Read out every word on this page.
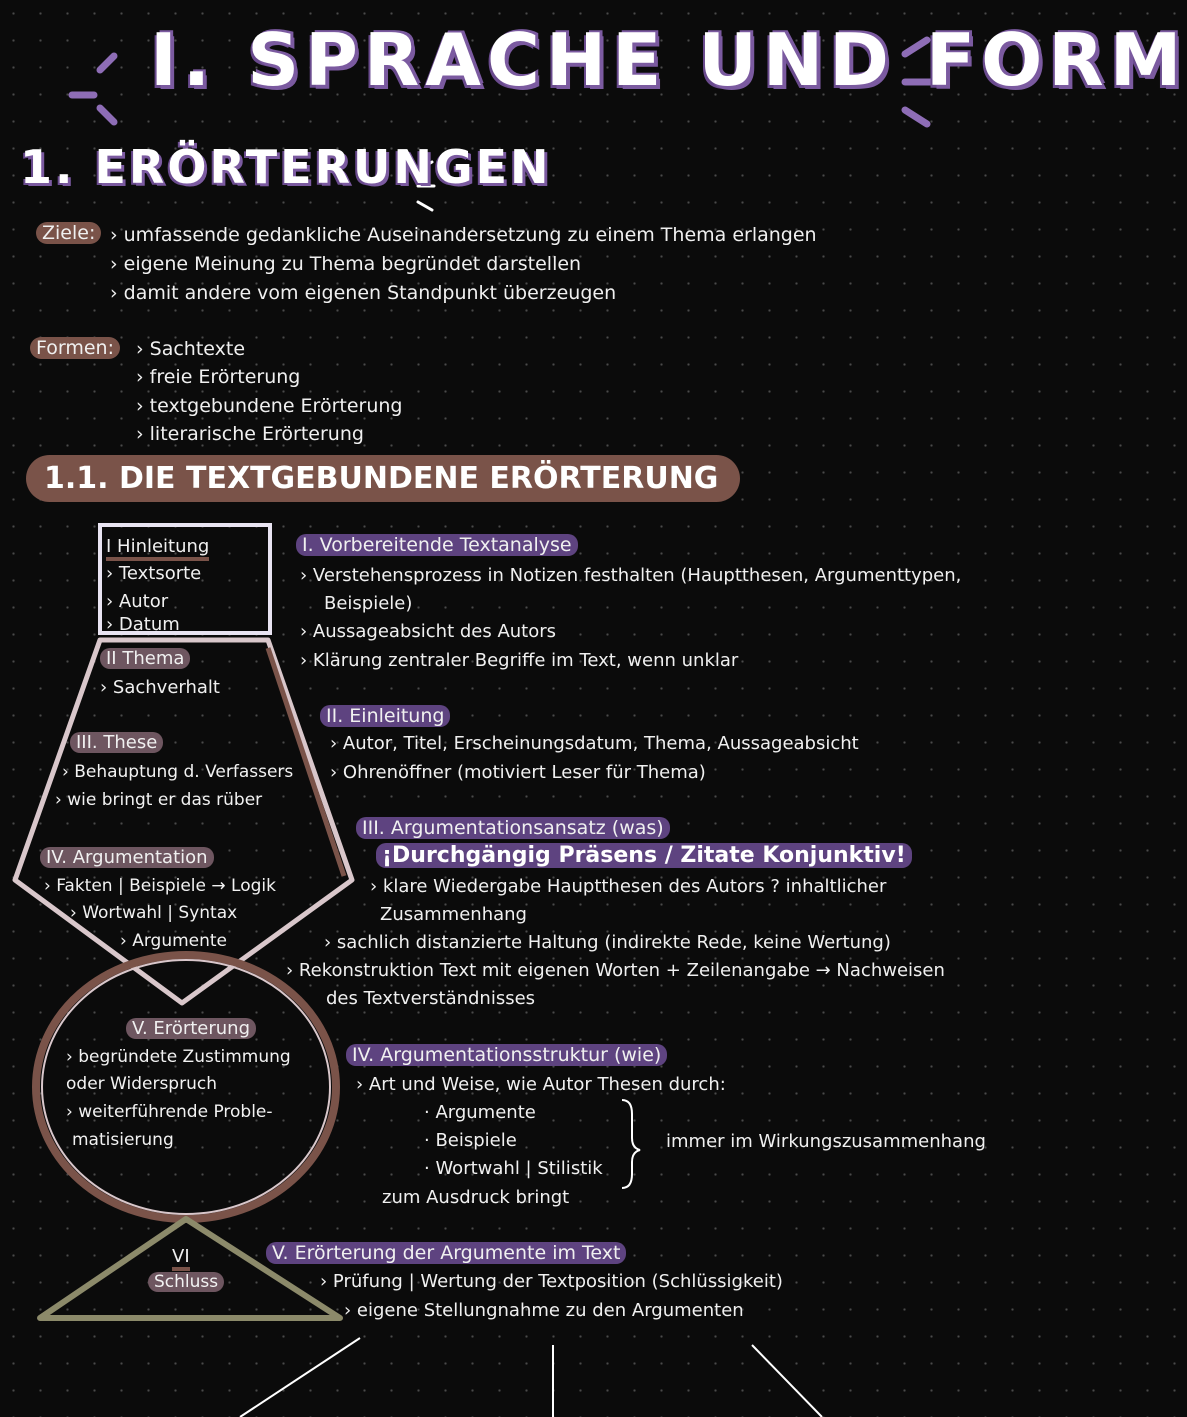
I. SPRACHE UND FORM
1. ERÖRTERUNGEN
Ziele: › umfassende gedankliche Auseinandersetzung zu einem Thema erlangen
› eigene Meinung zu Thema begründet darstellen
› damit andere vom eigenen Standpunkt überzeugen
Formen:	› Sachtexte
› freie Erörterung
› textgebundene Erörterung
› literarische Erörterung
1.1. DIE TEXTGEBUNDENE ERÖRTERUNG
I Hinleitung
› Textsorte
› Autor
› Datum
II Thema
› Sachverhalt
III. These
› Behauptung d. Verfassers
› wie bringt er das rüber
IV. Argumentation
› Fakten | Beispiele → Logik
› Wortwahl | Syntax
› Argumente
V. Erörterung
› begründete Zustimmung
oder Widerspruch
› weiterführende Proble-
matisierung
VI
Schluss
I. Vorbereitende Textanalyse
› Verstehensprozess in Notizen festhalten (Hauptthesen, Argumenttypen,
Beispiele)
› Aussageabsicht des Autors
› Klärung zentraler Begriffe im Text, wenn unklar
II. Einleitung
› Autor, Titel, Erscheinungsdatum, Thema, Aussageabsicht
› Ohrenöffner (motiviert Leser für Thema)
III. Argumentationsansatz (was)
¡Durchgängig Präsens / Zitate Konjunktiv!
› klare Wiedergabe Hauptthesen des Autors ? inhaltlicher
Zusammenhang
› sachlich distanzierte Haltung (indirekte Rede, keine Wertung)
› Rekonstruktion Text mit eigenen Worten + Zeilenangabe → Nachweisen
des Textverständnisses
IV. Argumentationsstruktur (wie)
› Art und Weise, wie Autor Thesen durch:
· Argumente
· Beispiele
· Wortwahl | Stilistik
immer im Wirkungszusammenhang
zum Ausdruck bringt
V. Erörterung der Argumente im Text
› Prüfung | Wertung der Textposition (Schlüssigkeit)
› eigene Stellungnahme zu den Argumenten
